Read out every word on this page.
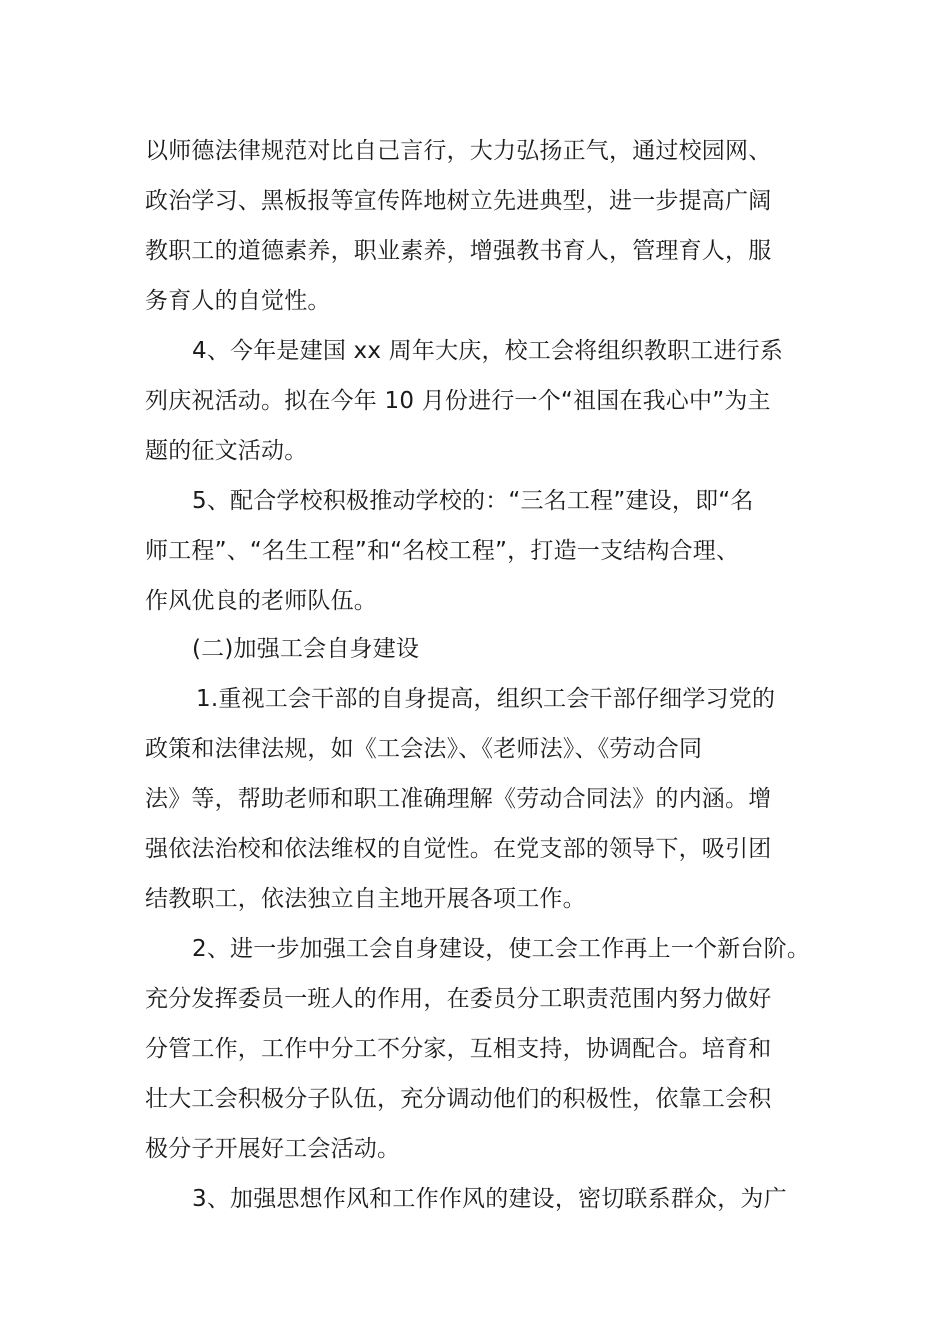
以师德法律规范对比自己言行，大力弘扬正气，通过校园网、
政治学习、黑板报等宣传阵地树立先进典型，进一步提高广阔
教职工的道德素养，职业素养，增强教书育人，管理育人，服
务育人的自觉性。
4、今年是建国 xx 周年大庆，校工会将组织教职工进行系
列庆祝活动。拟在今年 10 月份进行一个“祖国在我心中”为主
题的征文活动。
5、配合学校积极推动学校的：“三名工程”建设，即“名
师工程”、“名生工程”和“名校工程”，打造一支结构合理、
作风优良的老师队伍。
(二)加强工会自身建设
1.重视工会干部的自身提高，组织工会干部仔细学习党的
政策和法律法规，如《工会法》、《老师法》、《劳动合同
法》等，帮助老师和职工准确理解《劳动合同法》的内涵。增
强依法治校和依法维权的自觉性。在党支部的领导下，吸引团
结教职工，依法独立自主地开展各项工作。
2、进一步加强工会自身建设，使工会工作再上一个新台阶。
充分发挥委员一班人的作用，在委员分工职责范围内努力做好
分管工作，工作中分工不分家，互相支持，协调配合。培育和
壮大工会积极分子队伍，充分调动他们的积极性，依靠工会积
极分子开展好工会活动。
3、加强思想作风和工作作风的建设，密切联系群众，为广
